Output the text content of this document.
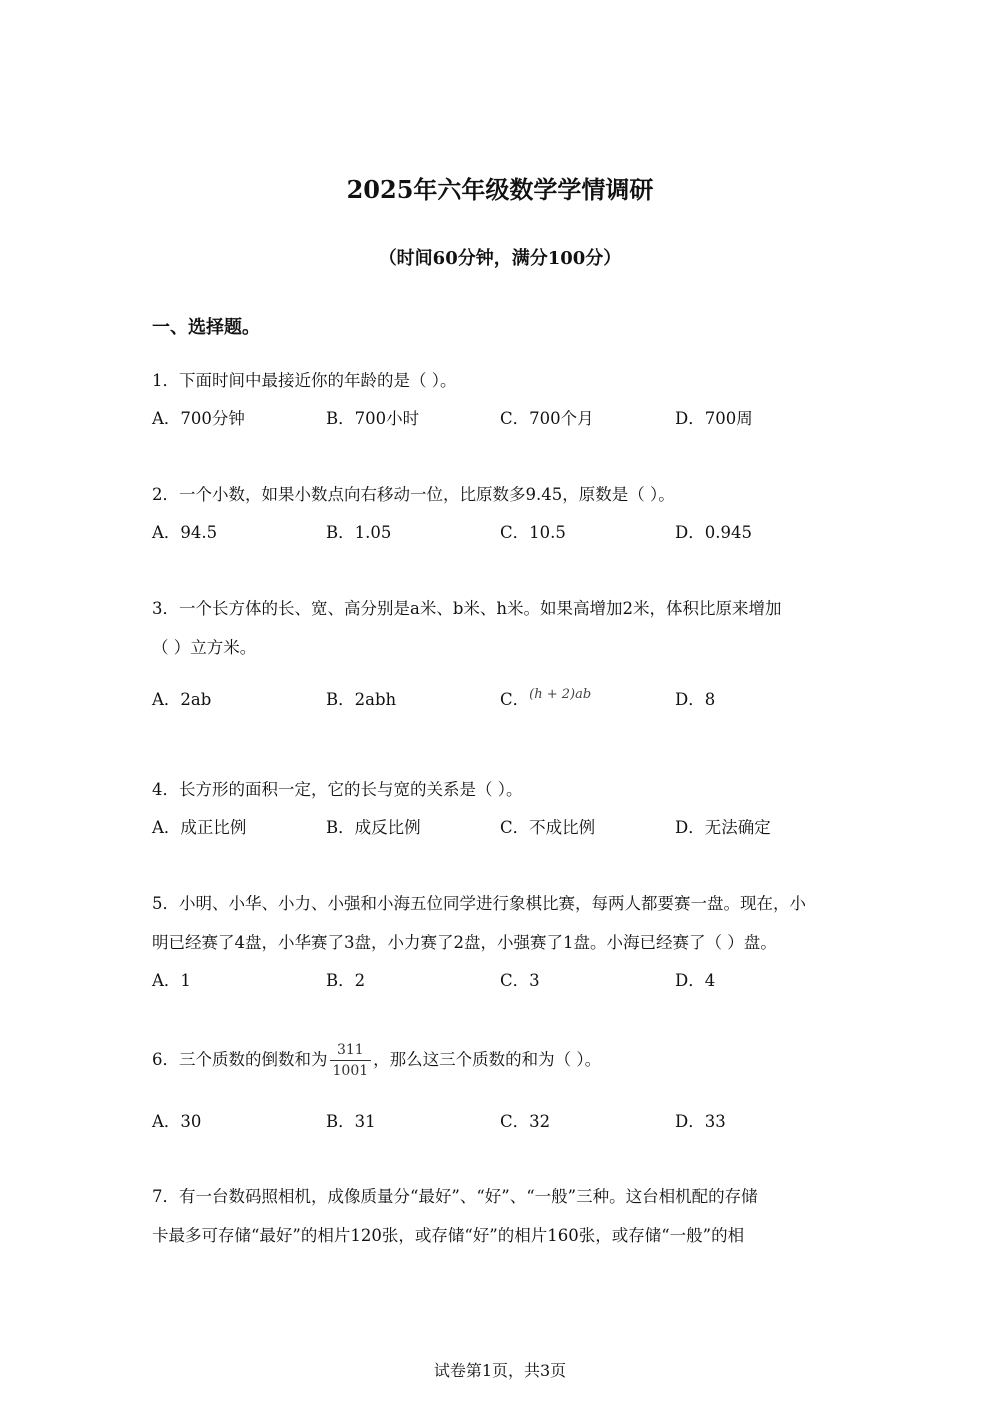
2025年六年级数学学情调研
（时间60分钟，满分100分）
一、选择题。
1．下面时间中最接近你的年龄的是（ ）。
A．700分钟	B．700小时	C．700个月	D．700周
2．一个小数，如果小数点向右移动一位，比原数多9.45，原数是（ ）。
A．94.5	B．1.05	C．10.5	D．0.945
3．一个长方体的长、宽、高分别是a米、b米、h米。如果高增加2米，体积比原来增加
（ ）立方米。
A．2ab	B．2abh	C．$^{(h + 2)ab}$	D．8
4．长方形的面积一定，它的长与宽的关系是（ ）。
A．成正比例	B．成反比例	C．不成比例	D．无法确定
5．小明、小华、小力、小强和小海五位同学进行象棋比赛，每两人都要赛一盘。现在，小
明已经赛了4盘，小华赛了3盘，小力赛了2盘，小强赛了1盘。小海已经赛了（ ）盘。
A．1	B．2	C．3	D．4
6．三个质数的倒数和为 $\frac{311}{1001}$ ，那么这三个质数的和为（ ）。
A．30	B．31	C．32	D．33
7．有一台数码照相机，成像质量分“最好”、“好”、“一般”三种。这台相机配的存储
卡最多可存储“最好”的相片120张，或存储“好”的相片160张，或存储“一般”的相
试卷第1页，共3页
